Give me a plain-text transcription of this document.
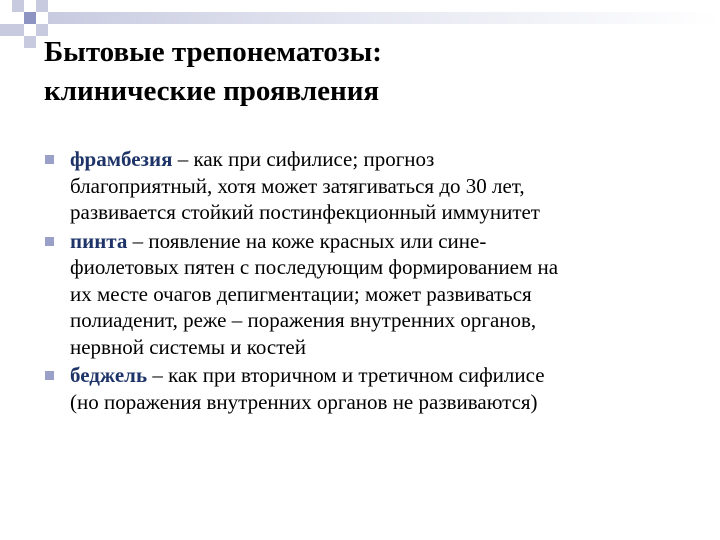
Бытовые трепонематозы:
клинические проявления
фрамбезия – как при сифилисе; прогноз
благоприятный, хотя может затягиваться до 30 лет,
развивается стойкий постинфекционный иммунитет
пинта – появление на коже красных или сине-
фиолетовых пятен с последующим формированием на
их месте очагов депигментации; может развиваться
полиаденит, реже – поражения внутренних органов,
нервной системы и костей
беджель – как при вторичном и третичном сифилисе
(но поражения внутренних органов не развиваются)
